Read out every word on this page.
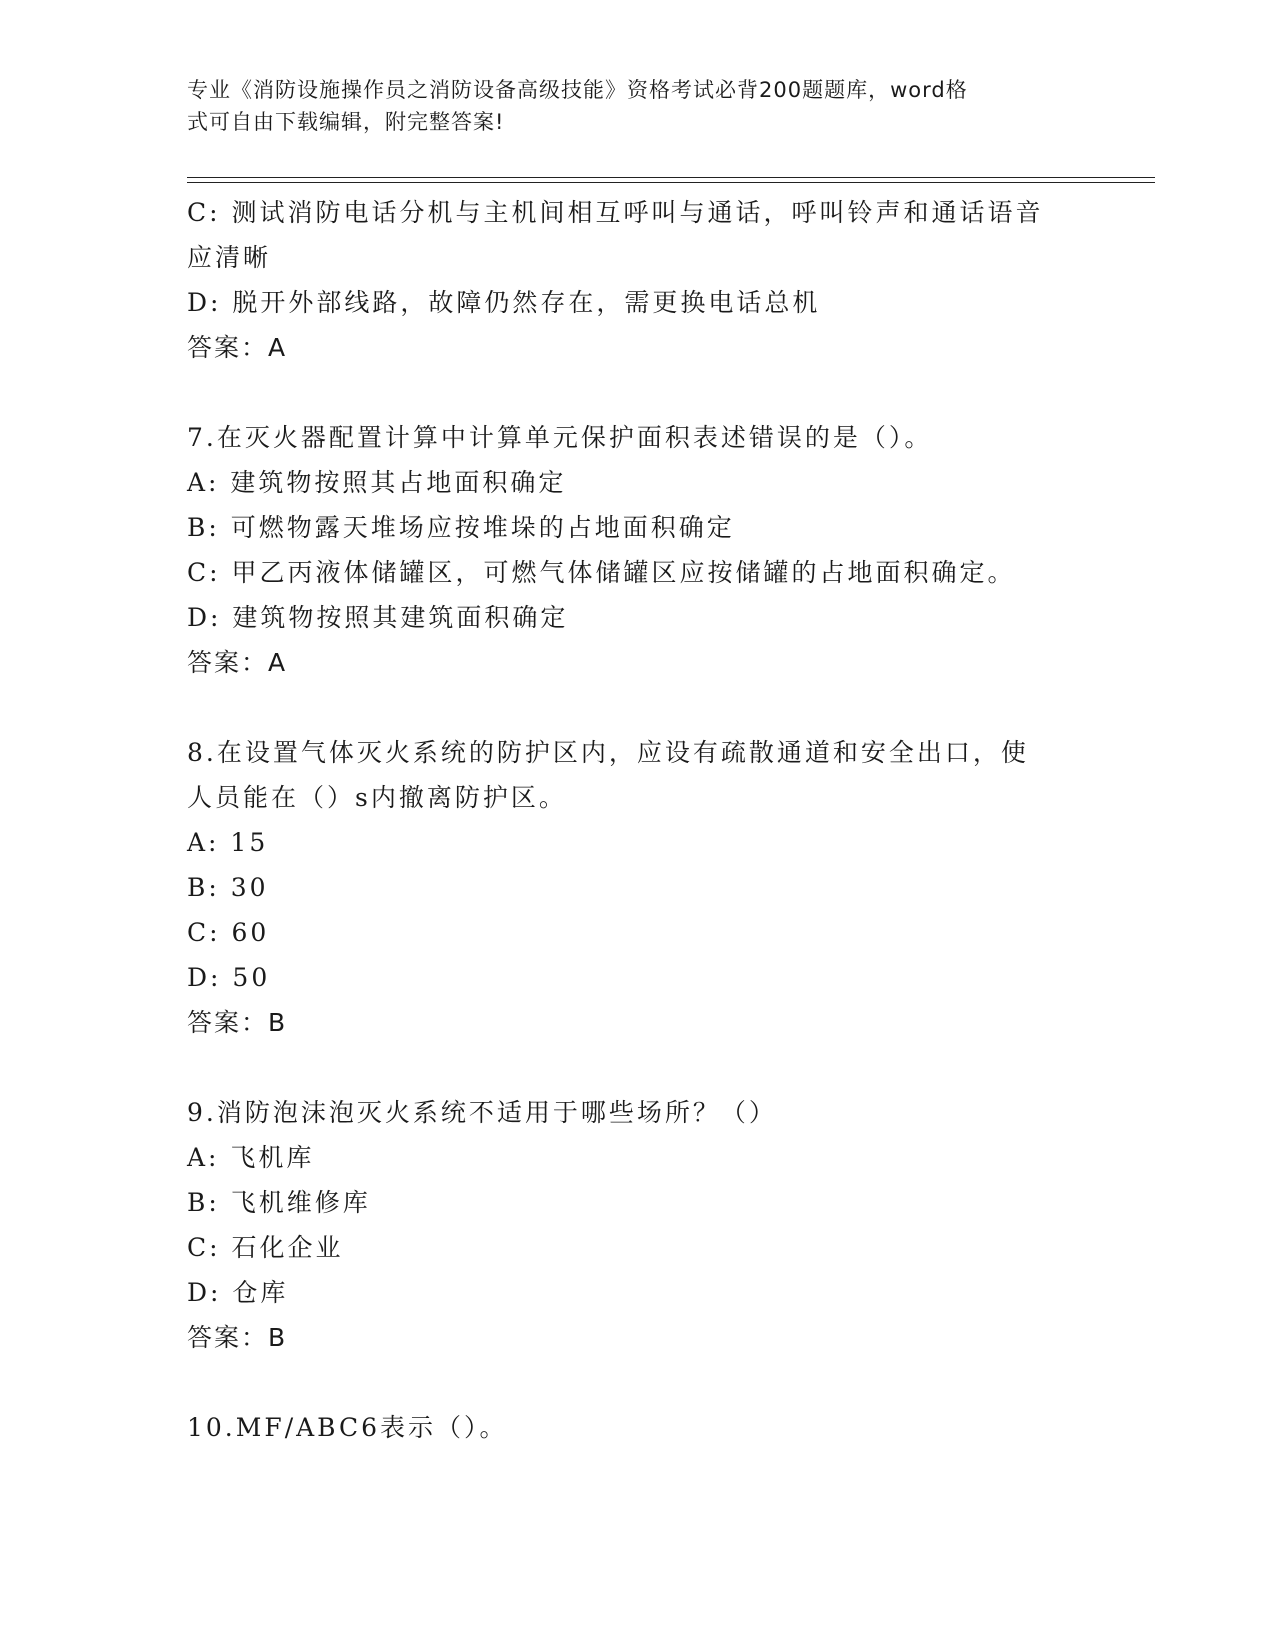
专业《消防设施操作员之消防设备高级技能》资格考试必背200题题库，word格
式可自由下载编辑，附完整答案!
C: 测试消防电话分机与主机间相互呼叫与通话，呼叫铃声和通话语音
应清晰
D: 脱开外部线路，故障仍然存在，需更换电话总机
答案：A
7.在灭火器配置计算中计算单元保护面积表述错误的是（）。
A: 建筑物按照其占地面积确定
B: 可燃物露天堆场应按堆垛的占地面积确定
C: 甲乙丙液体储罐区，可燃气体储罐区应按储罐的占地面积确定。
D: 建筑物按照其建筑面积确定
答案：A
8.在设置气体灭火系统的防护区内，应设有疏散通道和安全出口，使
人员能在（）s内撤离防护区。
A: 15
B: 30
C: 60
D: 50
答案：B
9.消防泡沫泡灭火系统不适用于哪些场所？（）
A: 飞机库
B: 飞机维修库
C: 石化企业
D: 仓库
答案：B
10.MF/ABC6表示（）。
